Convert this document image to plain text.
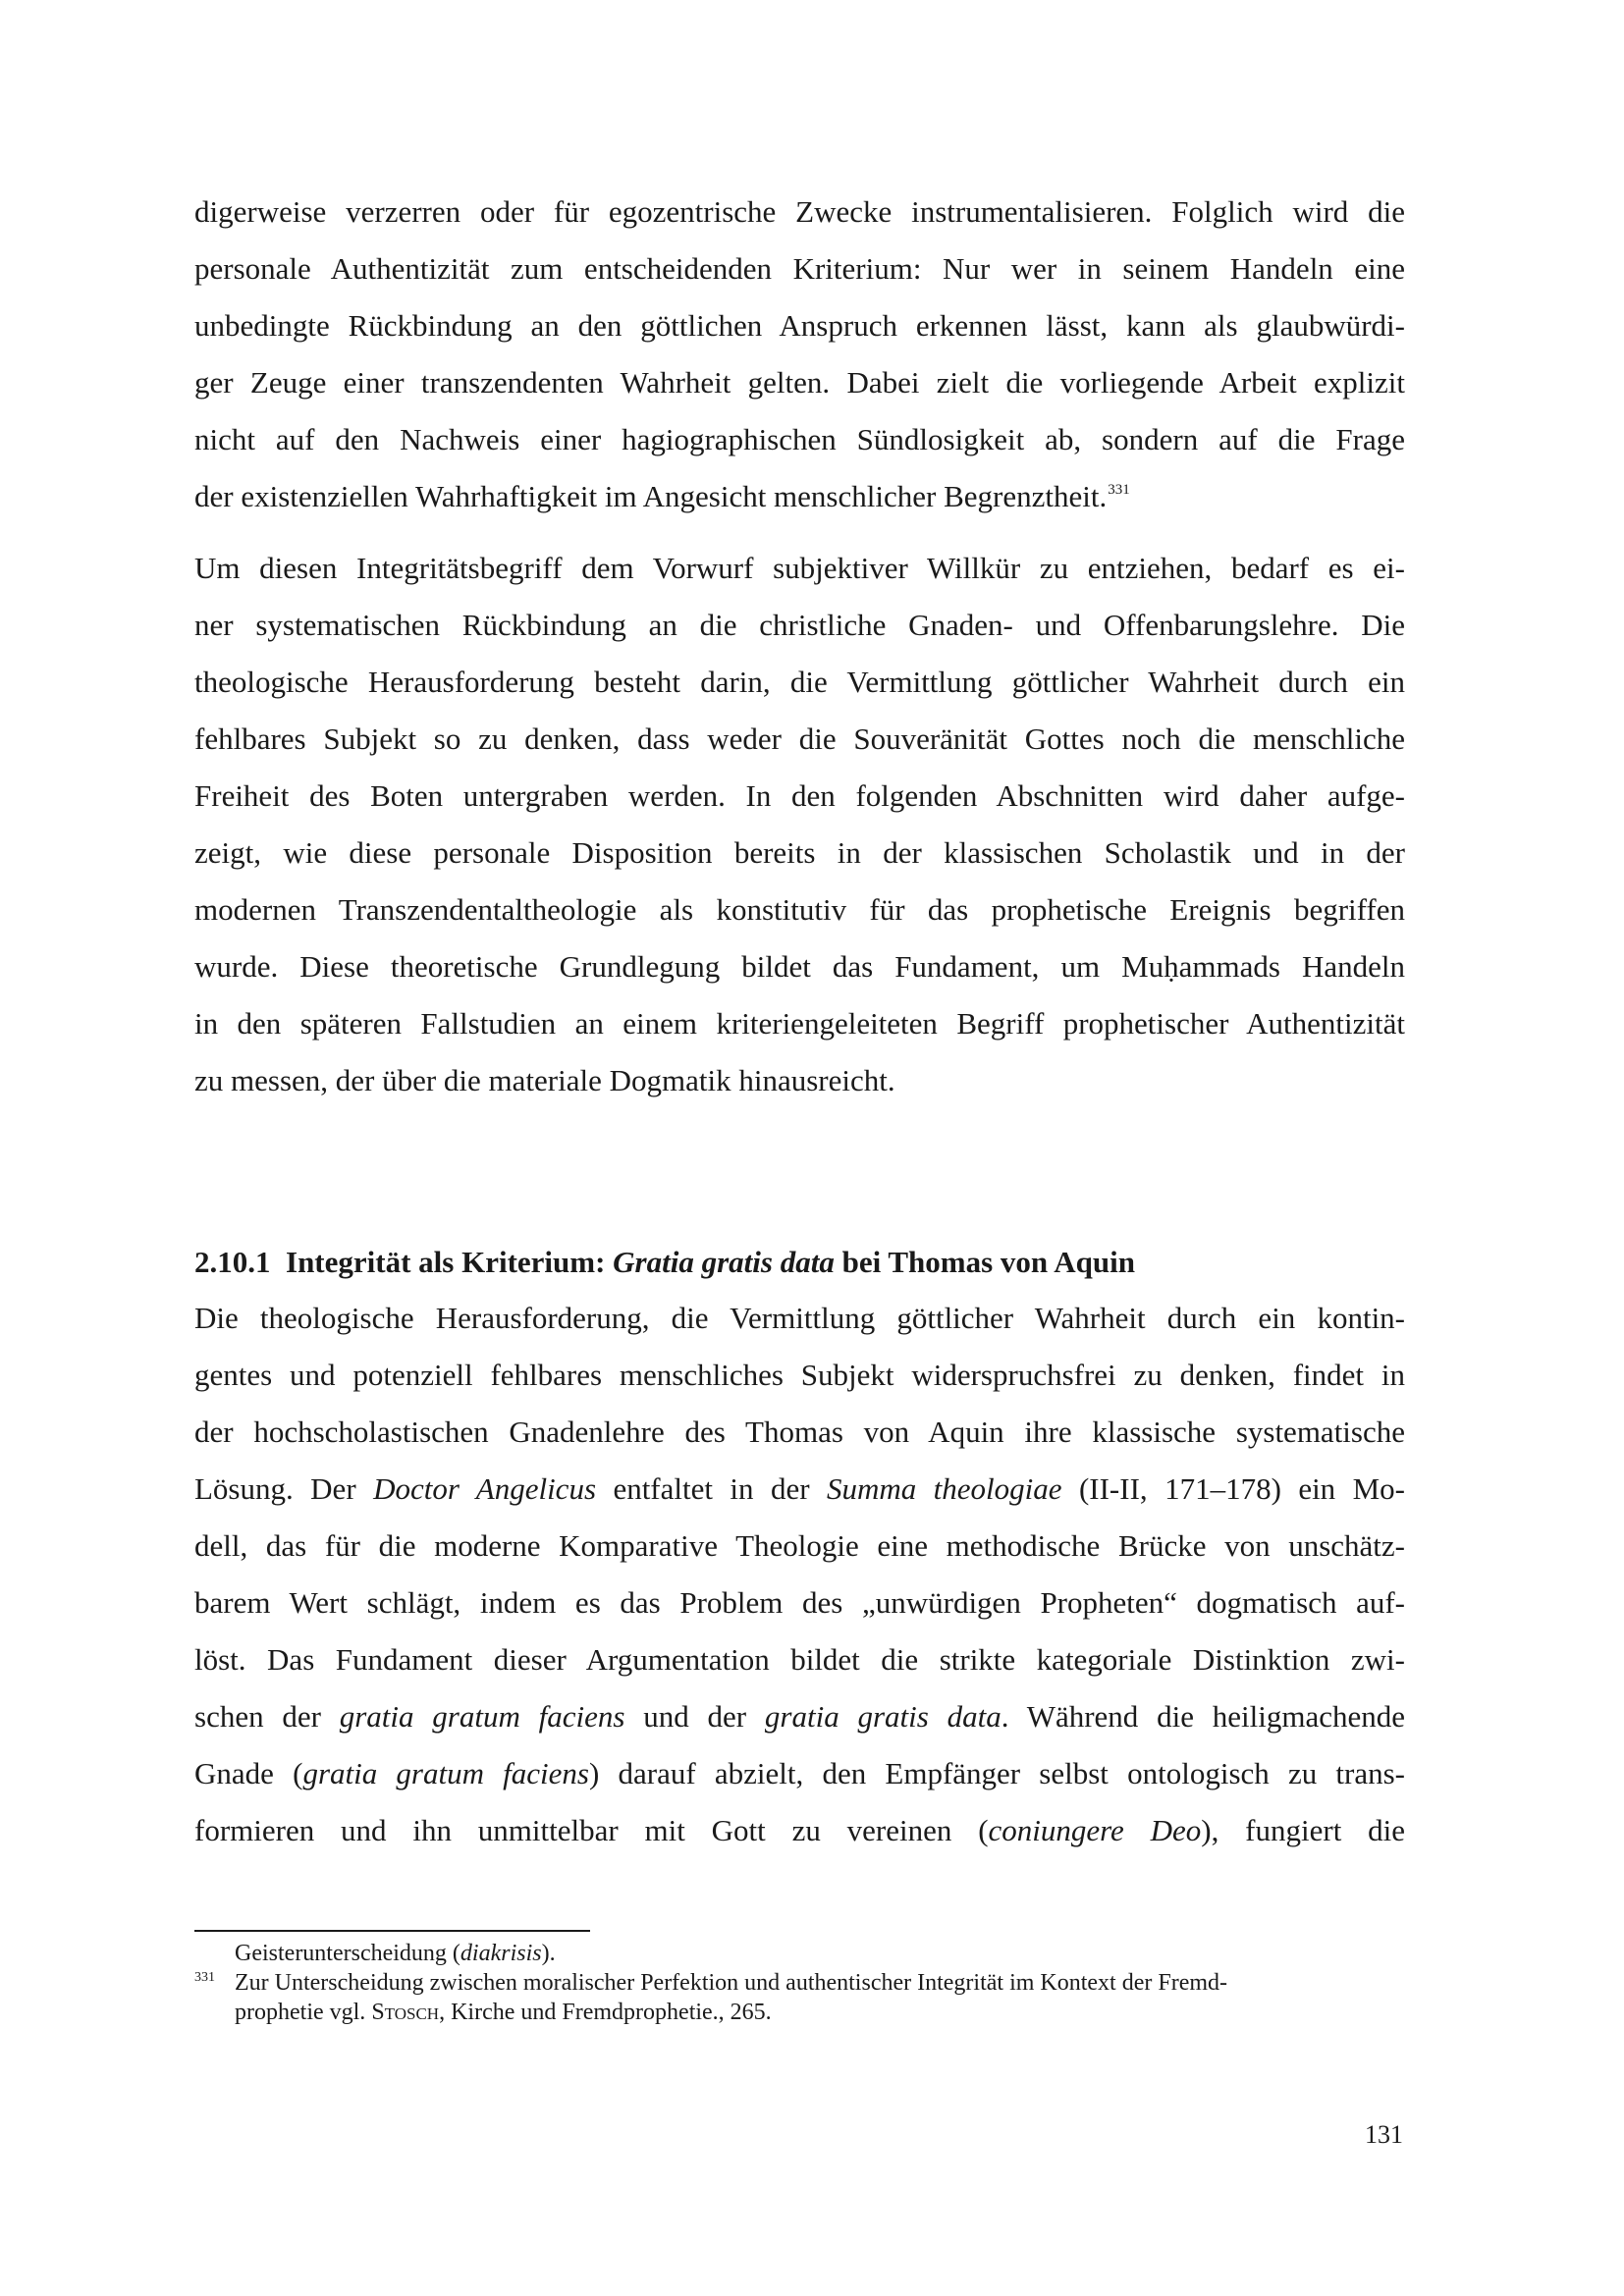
digerweise verzerren oder für egozentrische Zwecke instrumentalisieren. Folglich wird die
personale Authentizität zum entscheidenden Kriterium: Nur wer in seinem Handeln eine
unbedingte Rückbindung an den göttlichen Anspruch erkennen lässt, kann als glaubwürdi-
ger Zeuge einer transzendenten Wahrheit gelten. Dabei zielt die vorliegende Arbeit explizit
nicht auf den Nachweis einer hagiographischen Sündlosigkeit ab, sondern auf die Frage
der existenziellen Wahrhaftigkeit im Angesicht menschlicher Begrenztheit.$^{331}$
Um diesen Integritätsbegriff dem Vorwurf subjektiver Willkür zu entziehen, bedarf es ei-
ner systematischen Rückbindung an die christliche Gnaden- und Offenbarungslehre. Die
theologische Herausforderung besteht darin, die Vermittlung göttlicher Wahrheit durch ein
fehlbares Subjekt so zu denken, dass weder die Souveränität Gottes noch die menschliche
Freiheit des Boten untergraben werden. In den folgenden Abschnitten wird daher aufge-
zeigt, wie diese personale Disposition bereits in der klassischen Scholastik und in der
modernen Transzendentaltheologie als konstitutiv für das prophetische Ereignis begriffen
wurde. Diese theoretische Grundlegung bildet das Fundament, um Muḥammads Handeln
in den späteren Fallstudien an einem kriteriengeleiteten Begriff prophetischer Authentizität
zu messen, der über die materiale Dogmatik hinausreicht.
2.10.1 Integrität als Kriterium: Gratia gratis data bei Thomas von Aquin
Die theologische Herausforderung, die Vermittlung göttlicher Wahrheit durch ein kontin-
gentes und potenziell fehlbares menschliches Subjekt widerspruchsfrei zu denken, findet in
der hochscholastischen Gnadenlehre des Thomas von Aquin ihre klassische systematische
Lösung. Der Doctor Angelicus entfaltet in der Summa theologiae (II-II, 171–178) ein Mo-
dell, das für die moderne Komparative Theologie eine methodische Brücke von unschätz-
barem Wert schlägt, indem es das Problem des „unwürdigen Propheten“ dogmatisch auf-
löst. Das Fundament dieser Argumentation bildet die strikte kategoriale Distinktion zwi-
schen der gratia gratum faciens und der gratia gratis data. Während die heiligmachende
Gnade (gratia gratum faciens) darauf abzielt, den Empfänger selbst ontologisch zu trans-
formieren und ihn unmittelbar mit Gott zu vereinen (coniungere Deo), fungiert die
Geisterunterscheidung (diakrisis).
331 Zur Unterscheidung zwischen moralischer Perfektion und authentischer Integrität im Kontext der Fremd-
prophetie vgl. Stosch, Kirche und Fremdprophetie., 265.
131
